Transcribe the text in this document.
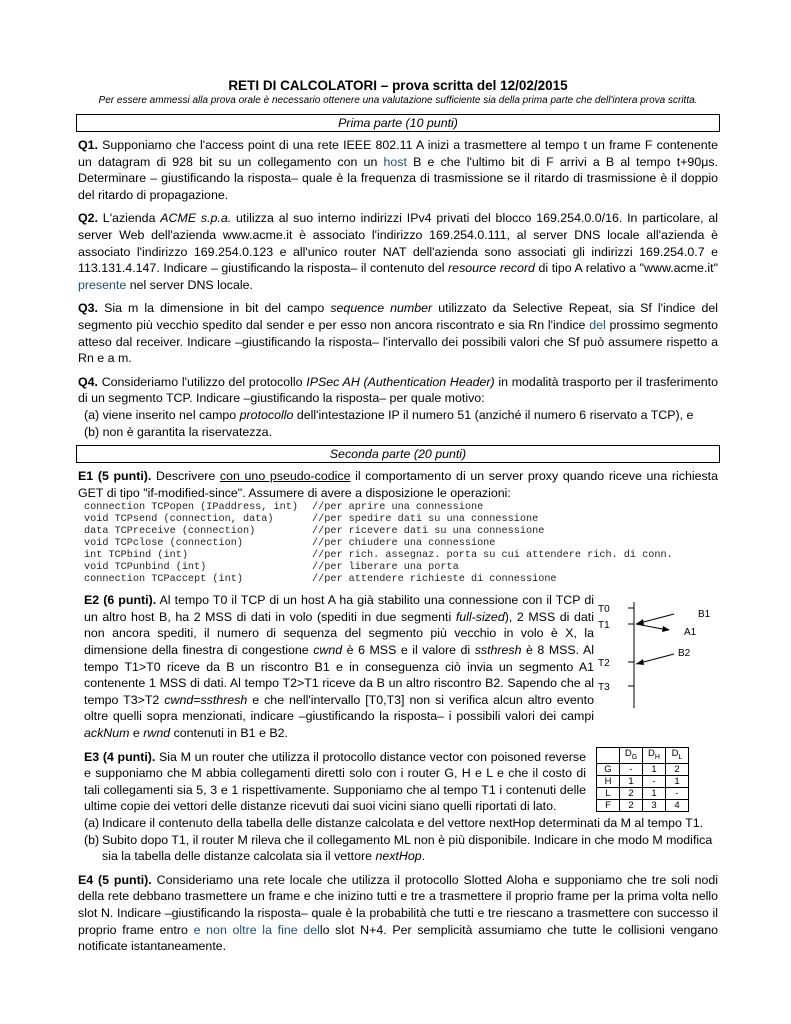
RETI DI CALCOLATORI – prova scritta del 12/02/2015
Per essere ammessi alla prova orale è necessario ottenere una valutazione sufficiente sia della prima parte che dell'intera prova scritta.
Prima parte (10 punti)

Q1. Supponiamo che l'access point di una rete IEEE 802.11 A inizi a trasmettere al tempo t un frame F contenente un datagram di 928 bit su un collegamento con un host B e che l'ultimo bit di F arrivi a B al tempo t+90μs. Determinare – giustificando la risposta– quale è la frequenza di trasmissione se il ritardo di trasmissione è il doppio del ritardo di propagazione.

Q2. L'azienda ACME s.p.a. utilizza al suo interno indirizzi IPv4 privati del blocco 169.254.0.0/16. In particolare, al server Web dell'azienda www.acme.it è associato l'indirizzo 169.254.0.111, al server DNS locale all'azienda è associato l'indirizzo 169.254.0.123 e all'unico router NAT dell'azienda sono associati gli indirizzi 169.254.0.7 e 113.131.4.147. Indicare – giustificando la risposta– il contenuto del resource record di tipo A relativo a "www.acme.it" presente nel server DNS locale.

Q3. Sia m la dimensione in bit del campo sequence number utilizzato da Selective Repeat, sia Sf l'indice del segmento più vecchio spedito dal sender e per esso non ancora riscontrato e sia Rn l'indice del prossimo segmento atteso dal receiver. Indicare –giustificando la risposta– l'intervallo dei possibili valori che Sf può assumere rispetto a Rn e a m.

Q4. Consideriamo l'utilizzo del protocollo IPSec AH (Authentication Header) in modalità trasporto per il trasferimento di un segmento TCP. Indicare –giustificando la risposta– per quale motivo:

(a) viene inserito nel campo protocollo dell'intestazione IP il numero 51 (anziché il numero 6 riservato a TCP), e
(b) non è garantita la riservatezza.
Seconda parte (20 punti)

E1 (5 punti). Descrivere con uno pseudo-codice il comportamento di un server proxy quando riceve una richiesta GET di tipo "if-modified-since". Assumere di avere a disposizione le operazioni:

connection TCPopen (IPaddress, int)	//per aprire una connessione
void TCPsend (connection, data)	//per spedire dati su una connessione
data TCPreceive (connection)	//per ricevere dati su una connessione
void TCPclose (connection)	//per chiudere una connessione
int TCPbind (int)	//per rich. assegnaz. porta su cui attendere rich. di conn.
void TCPunbind (int)	//per liberare una porta
connection TCPaccept (int)	//per attendere richieste di connessione

E2 (6 punti). Al tempo T0 il TCP di un host A ha già stabilito una connessione con il TCP di un altro host B, ha 2 MSS di dati in volo (spediti in due segmenti full-sized), 2 MSS di dati non ancora spediti, il numero di sequenza del segmento più vecchio in volo è X, la dimensione della finestra di congestione cwnd è 6 MSS e il valore di ssthresh è 8 MSS. Al tempo T1>T0 riceve da B un riscontro B1 e in conseguenza ciò invia un segmento A1 contenente 1 MSS di dati. Al tempo T2>T1 riceve da B un altro riscontro B2. Sapendo che al tempo T3>T2 cwnd=ssthresh e che nell'intervallo [T0,T3] non si verifica alcun altro evento oltre quelli sopra menzionati, indicare –giustificando la risposta– i possibili valori dei campi ackNum e rwnd contenuti in B1 e B2.

T0
T1
T2
T3
B1
A1
B2

E3 (4 punti). Sia M un router che utilizza il protocollo distance vector con poisoned reverse e supponiamo che M abbia collegamenti diretti solo con i router G, H e L e che il costo di tali collegamenti sia 5, 3 e 1 rispettivamente. Supponiamo che al tempo T1 i contenuti delle ultime copie dei vettori delle distanze ricevuti dai suoi vicini siano quelli riportati di lato.

	$D_G$	$D_H$	$D_L$
G	-	1	2
H	1	-	1
L	2	1	-
F	2	3	4
(a) Indicare il contenuto della tabella delle distanze calcolata e del vettore nextHop determinati da M al tempo T1.
(b) Subito dopo T1, il router M rileva che il collegamento ML non è più disponibile. Indicare in che modo M modifica sia la tabella delle distanze calcolata sia il vettore nextHop.

E4 (5 punti). Consideriamo una rete locale che utilizza il protocollo Slotted Aloha e supponiamo che tre soli nodi della rete debbano trasmettere un frame e che inizino tutti e tre a trasmettere il proprio frame per la prima volta nello slot N. Indicare –giustificando la risposta– quale è la probabilità che tutti e tre riescano a trasmettere con successo il proprio frame entro e non oltre la fine dello slot N+4. Per semplicità assumiamo che tutte le collisioni vengano notificate istantaneamente.
